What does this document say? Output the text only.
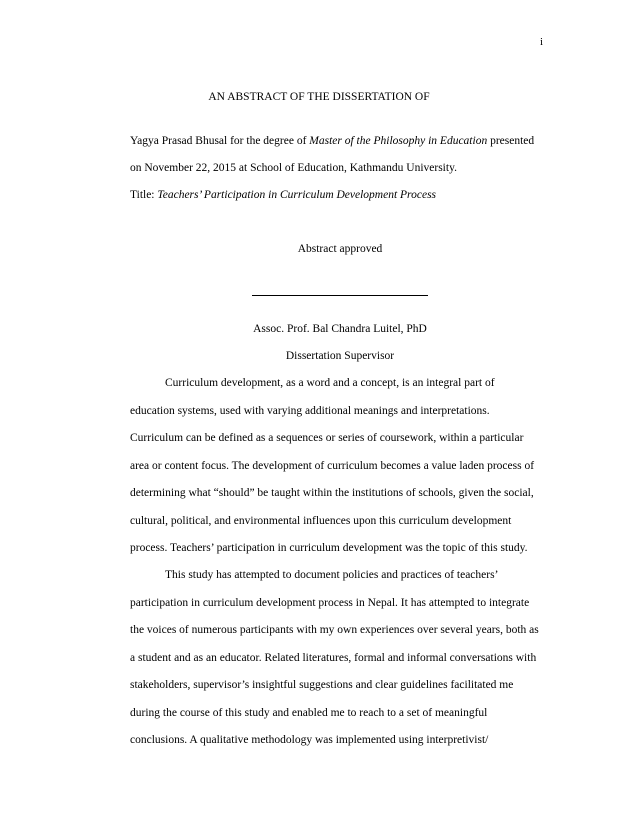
i
AN ABSTRACT OF THE DISSERTATION OF
Yagya Prasad Bhusal for the degree of Master of the Philosophy in Education presented
on November 22, 2015 at School of Education, Kathmandu University.
Title: Teachers’ Participation in Curriculum Development Process
Abstract approved
Assoc. Prof. Bal Chandra Luitel, PhD
Dissertation Supervisor
Curriculum development, as a word and a concept, is an integral part of
education systems, used with varying additional meanings and interpretations.
Curriculum can be defined as a sequences or series of coursework, within a particular
area or content focus. The development of curriculum becomes a value laden process of
determining what “should” be taught within the institutions of schools, given the social,
cultural, political, and environmental influences upon this curriculum development
process. Teachers’ participation in curriculum development was the topic of this study.
This study has attempted to document policies and practices of teachers’
participation in curriculum development process in Nepal. It has attempted to integrate
the voices of numerous participants with my own experiences over several years, both as
a student and as an educator. Related literatures, formal and informal conversations with
stakeholders, supervisor’s insightful suggestions and clear guidelines facilitated me
during the course of this study and enabled me to reach to a set of meaningful
conclusions. A qualitative methodology was implemented using interpretivist/
